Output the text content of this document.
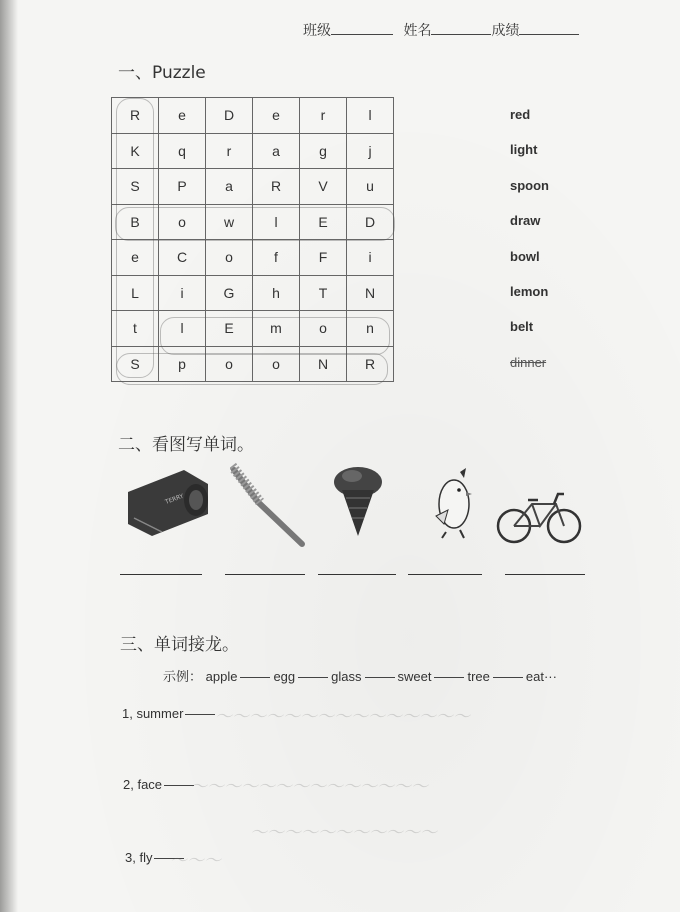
班级	姓名	成绩
一、Puzzle
R	e	D	e	r	l
K	q	r	a	g	j
S	P	a	R	V	u
B	o	w	l	E	D
e	C	o	f	F	i
L	i	G	h	T	N
t	l	E	m	o	n
S	p	o	o	N	R
red
light
spoon
draw
bowl
lemon
belt
dinner
二、看图写单词。
TERRY
三、单词接龙。
示例： apple	egg	glass	sweet	tree	eat···
1, summer
2, face
3, fly
～～～～～～～～～～～～～～～
～～～～～～～～～～～～～～
～～～～～～～～～～～
～～～
